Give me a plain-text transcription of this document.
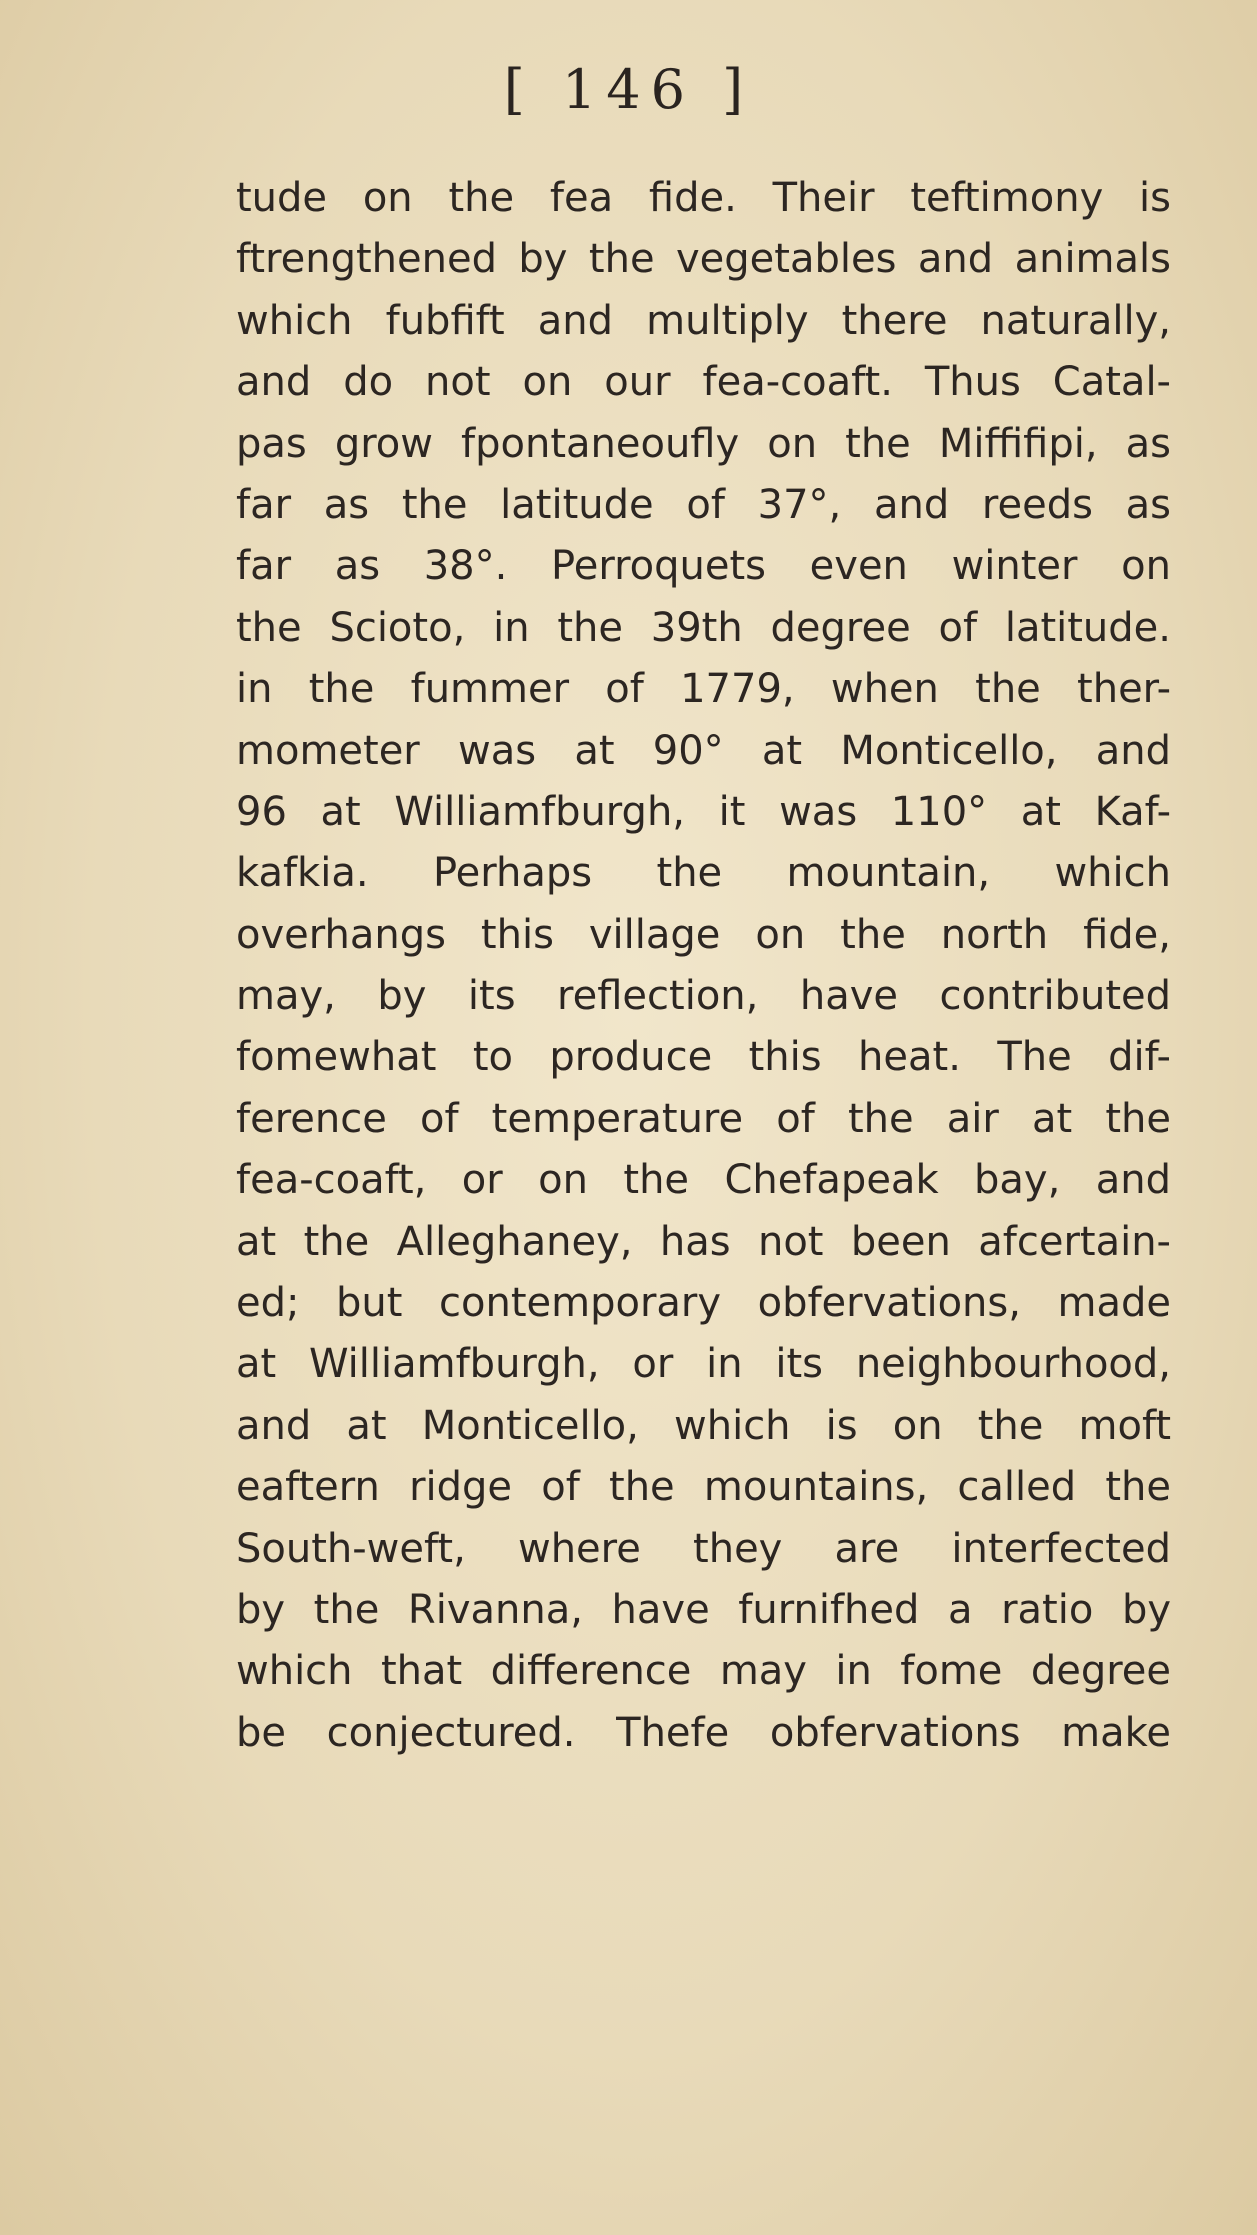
[ 146 ]
tude on the fea fide. Their teftimony is
ftrengthened by the vegetables and animals
which fubfift and multiply there naturally,
and do not on our fea-coaft. Thus Catal-
pas grow fpontaneoufly on the Miffifipi, as
far as the latitude of 37°, and reeds as
far as 38°. Perroquets even winter on
the Scioto, in the 39th degree of latitude.
in the fummer of 1779, when the ther-
mometer was at 90° at Monticello, and
96 at Williamfburgh, it was 110° at Kaf-
kafkia. Perhaps the mountain, which
overhangs this village on the north fide,
may, by its reflection, have contributed
fomewhat to produce this heat. The dif-
ference of temperature of the air at the
fea-coaft, or on the Chefapeak bay, and
at the Alleghaney, has not been afcertain-
ed; but contemporary obfervations, made
at Williamfburgh, or in its neighbourhood,
and at Monticello, which is on the moft
eaftern ridge of the mountains, called the
South-weft, where they are interfected
by the Rivanna, have furnifhed a ratio by
which that difference may in fome degree
be conjectured. Thefe obfervations make
